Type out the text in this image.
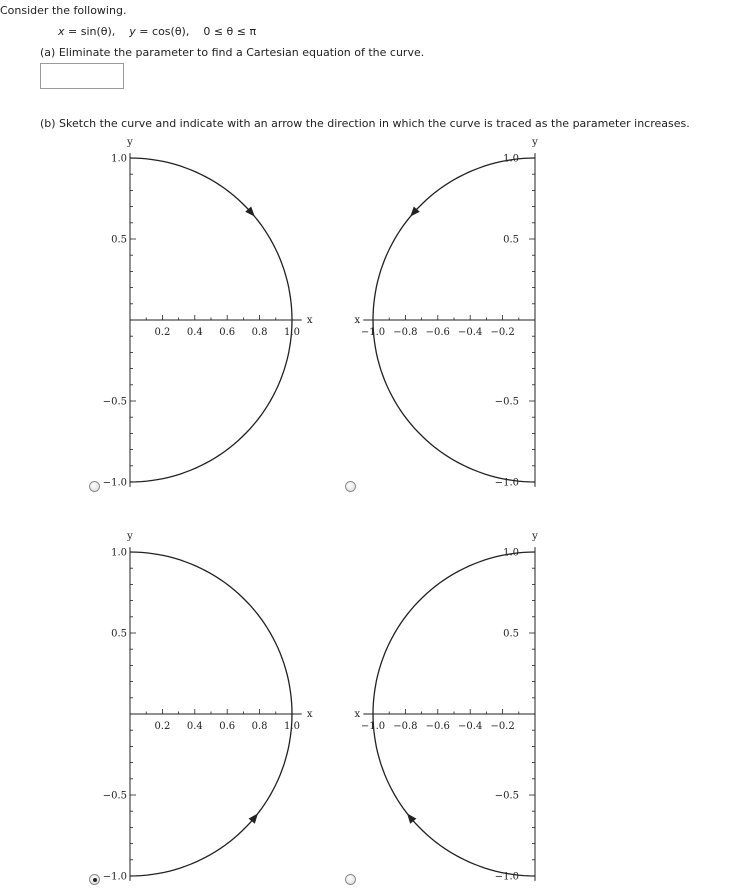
Consider the following.
x = sin(θ), y = cos(θ), 0 ≤ θ ≤ π
(a) Eliminate the parameter to find a Cartesian equation of the curve.
(b) Sketch the curve and indicate with an arrow the direction in which the curve is traced as the parameter increases.
1.0
0.5
−0.5
−1.0
0.2 0.4 0.6 0.8 1.0
y
x
1.0
0.5
−0.5
−1.0
−1.0 −0.8 −0.6 −0.4 −0.2
y
x
1.0
0.5
−0.5
−1.0
0.2 0.4 0.6 0.8 1.0
y
x
1.0
0.5
−0.5
−1.0
−1.0 −0.8 −0.6 −0.4 −0.2
y
x
